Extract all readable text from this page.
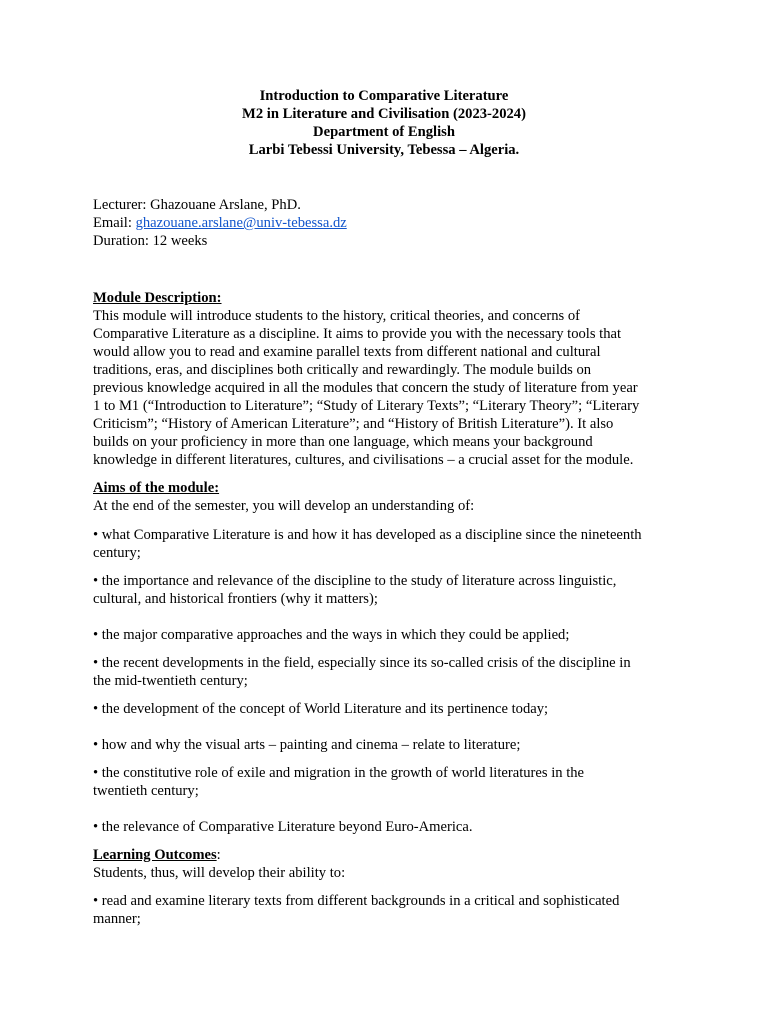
Introduction to Comparative Literature
M2 in Literature and Civilisation (2023-2024)
Department of English
Larbi Tebessi University, Tebessa – Algeria.
Lecturer: Ghazouane Arslane, PhD.
Email: ghazouane.arslane@univ-tebessa.dz
Duration: 12 weeks
Module Description:
This module will introduce students to the history, critical theories, and concerns of
Comparative Literature as a discipline. It aims to provide you with the necessary tools that
would allow you to read and examine parallel texts from different national and cultural
traditions, eras, and disciplines both critically and rewardingly. The module builds on
previous knowledge acquired in all the modules that concern the study of literature from year
1 to M1 (“Introduction to Literature”; “Study of Literary Texts”; “Literary Theory”; “Literary
Criticism”; “History of American Literature”; and “History of British Literature”). It also
builds on your proficiency in more than one language, which means your background
knowledge in different literatures, cultures, and civilisations – a crucial asset for the module.
Aims of the module:
At the end of the semester, you will develop an understanding of:
• what Comparative Literature is and how it has developed as a discipline since the nineteenth
century;
• the importance and relevance of the discipline to the study of literature across linguistic,
cultural, and historical frontiers (why it matters);
• the major comparative approaches and the ways in which they could be applied;
• the recent developments in the field, especially since its so-called crisis of the discipline in
the mid-twentieth century;
• the development of the concept of World Literature and its pertinence today;
• how and why the visual arts – painting and cinema – relate to literature;
• the constitutive role of exile and migration in the growth of world literatures in the
twentieth century;
• the relevance of Comparative Literature beyond Euro-America.
Learning Outcomes:
Students, thus, will develop their ability to:
• read and examine literary texts from different backgrounds in a critical and sophisticated
manner;
